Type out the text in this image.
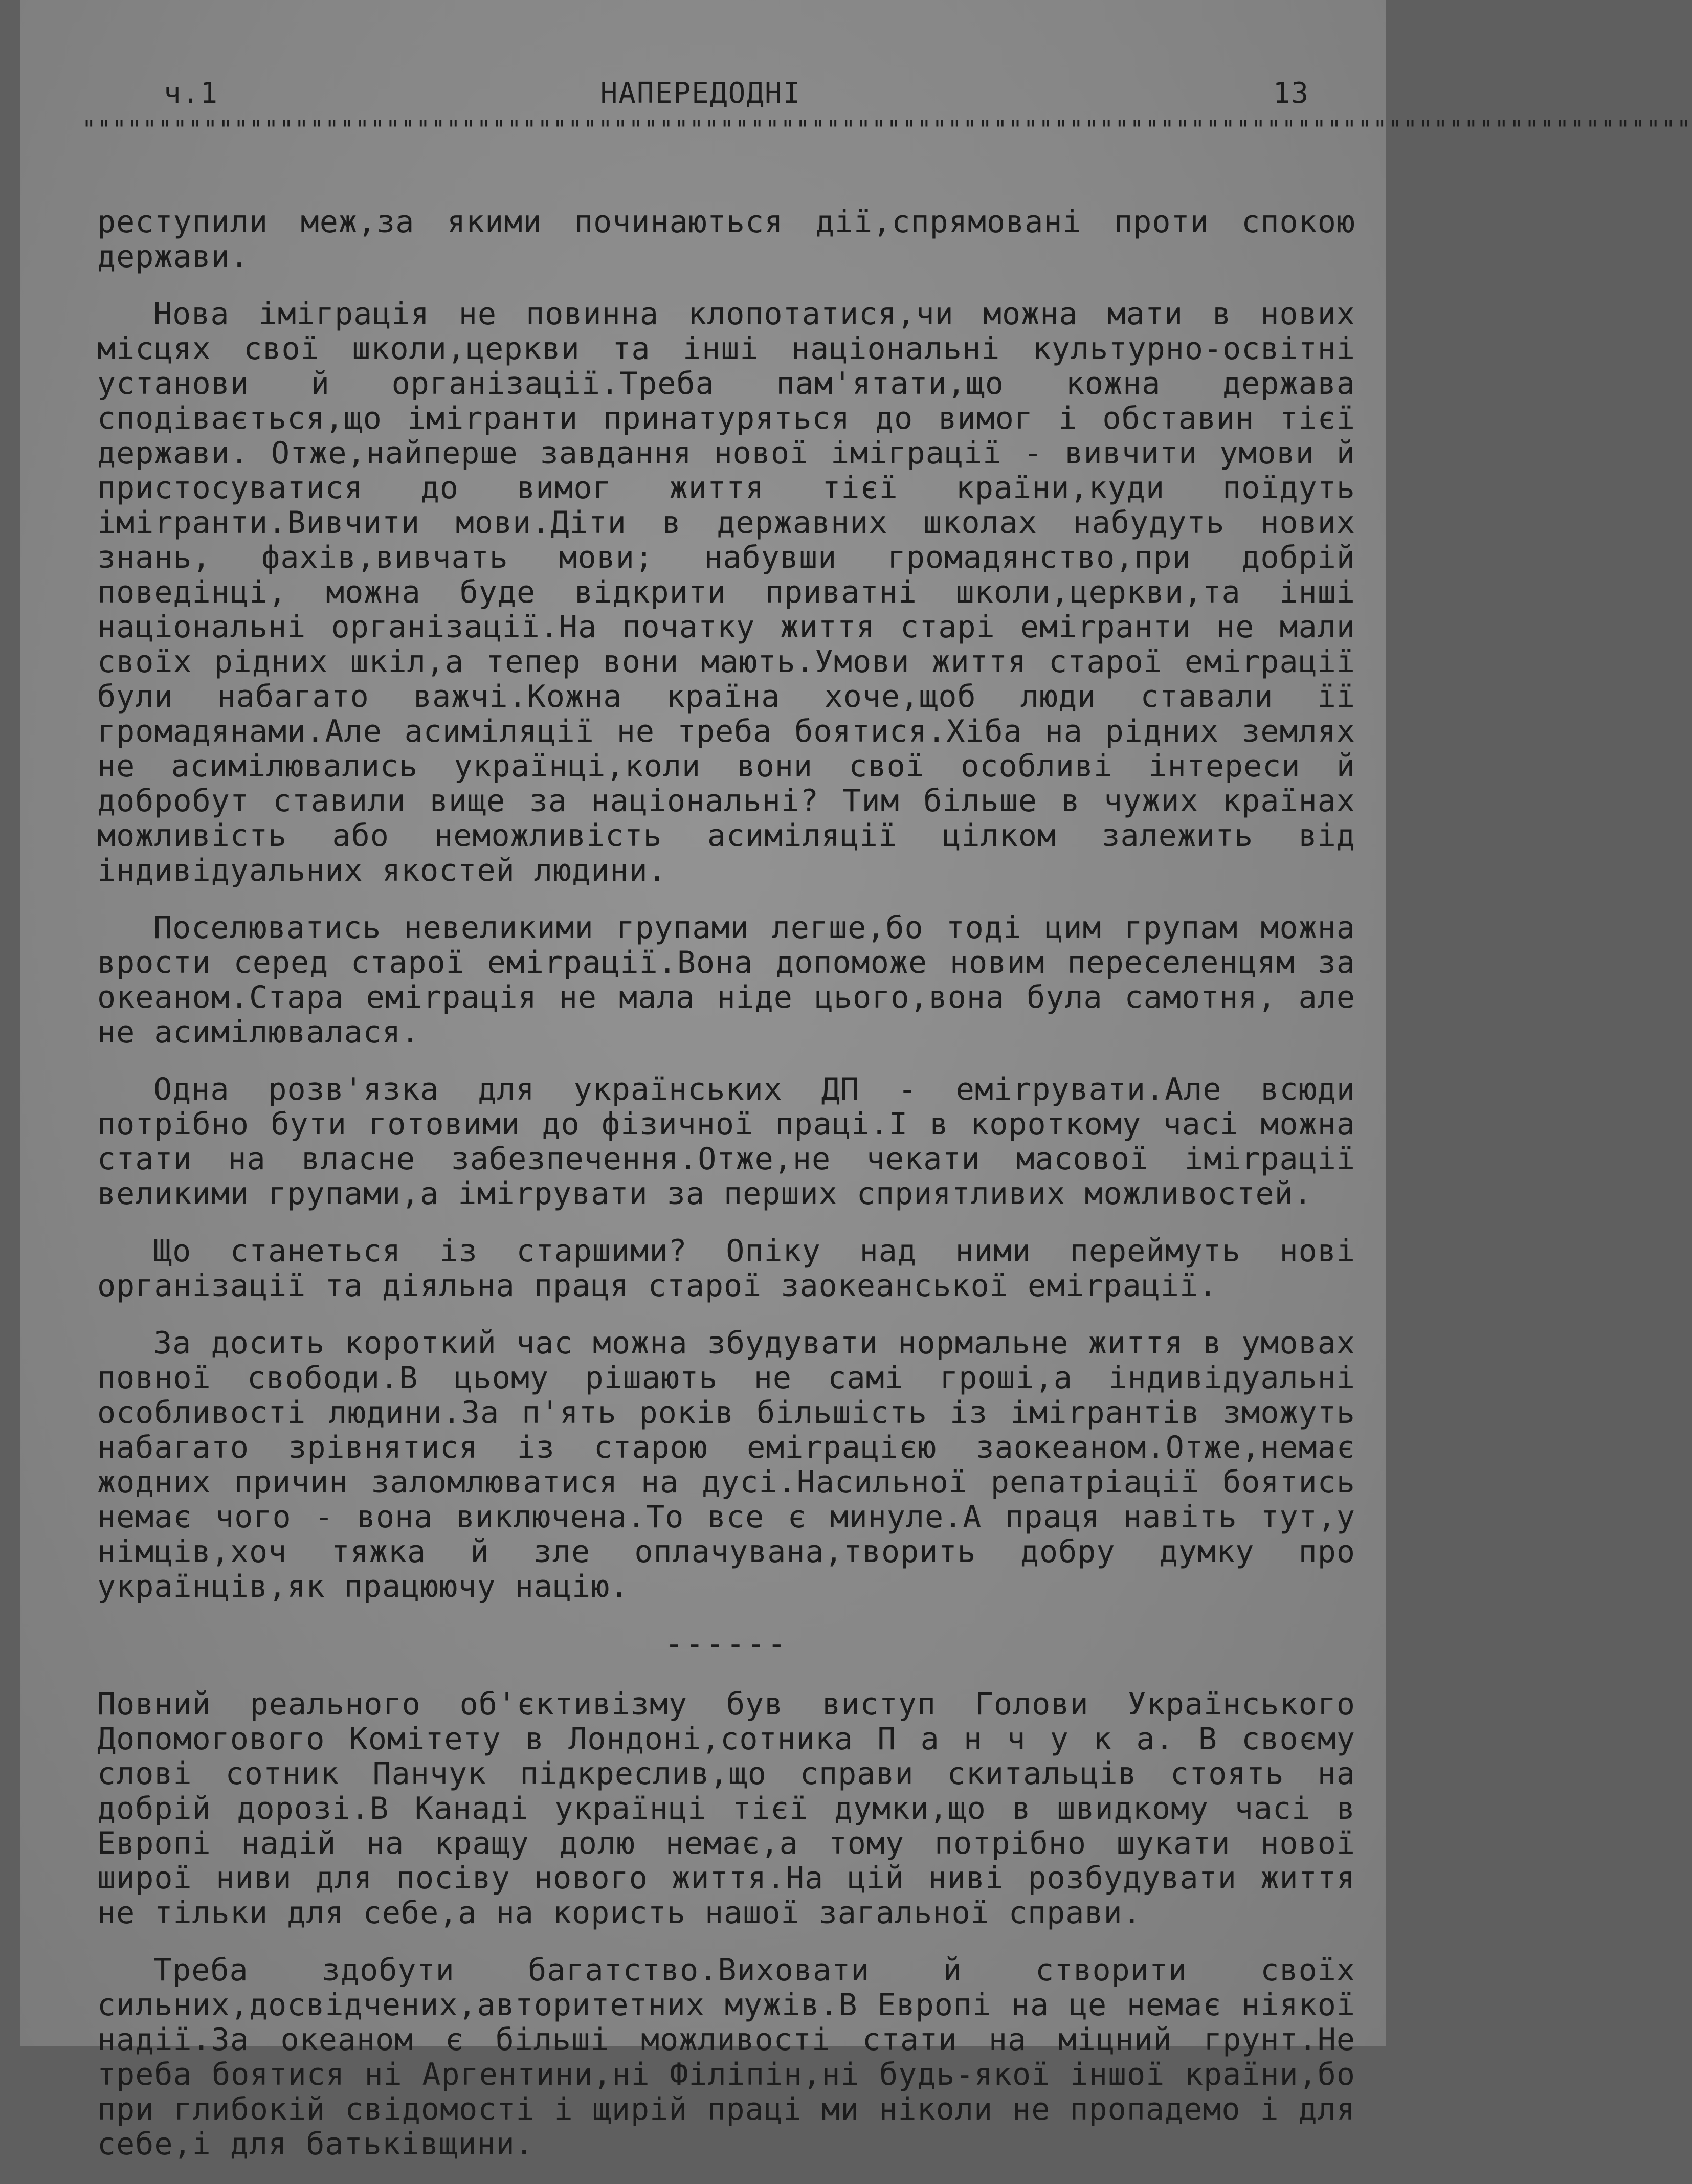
ч.1	НАПЕРЕДОДНІ	13
""""""""""""""""""""""""""""""""""""""""""""""""""""""""""""""""""""""""""""""""""""""""""""""""""""""""""

реступили меж,за якими починаються дії,спрямовані проти спокою держави.

Нова імігpація не повинна клопотатися,чи можна мати в нових місцях свої школи,церкви та інші національні культурно-освітні установи й організації.Треба пам'ятати,що кожна держава сподівається,що іміrранти принатуряться до вимог і обставин тієї держави. Отже,найперше завдання нової імігpації - вивчити умови й пристосуватися до вимог життя тієї країни,куди поїдуть іміrранти.Вивчити мови.Діти в державних школах набудуть нових знань, фахів,вивчать мови; набувши громадянство,при добрій поведінці, можна буде відкрити приватні школи,церкви,та інші національні організації.На початку життя старі еміrранти не мали своїх рідних шкіл,а тепер вони мають.Умови життя старої еміrрації були набагато важчі.Кожна країна хоче,щоб люди ставали її громадянами.Але асиміляції не треба боятися.Хіба на рідних землях не асимілювались українці,коли вони свої особливі інтереси й добробут ставили вище за національні? Тим більше в чужих країнах можливість або неможливість асиміляції цілком залежить від індивідуальних якостей людини.

Поселюватись невеликими групами легше,бо тоді цим групам можна врости серед старої еміrрації.Вона допоможе новим переселенцям за океаном.Стара еміrрація не мала ніде цього,вона була самотня, але не асимілювалася.

Одна розв'язка для українських ДП - еміrрувати.Але всюди потрібно бути готовими до фізичної праці.І в короткому часі можна стати на власне забезпечення.Отже,не чекати масової іміrрації великими групами,а іміrрувати за перших сприятливих можливостей.

Що станеться із старшими? Опіку над ними переймуть нові організації та діяльна праця старої заокеанської еміrрації.

За досить короткий час можна збудувати нормальне життя в умовах повної свободи.В цьому рішають не самі гроші,а індивідуальні особливості людини.За п'ять років більшість із іміrрантів зможуть набагато зрівнятися із старою еміrрацією заокеаном.Отже,немає жодних причин заломлюватися на дусі.Насильної репатріації боятись немає чого - вона виключена.То все є минуле.А праця навіть тут,у німців,хоч тяжка й зле оплачувана,творить добру думку про українців,як працюючу націю.

------

Повний реального об'єктивізму був виступ Голови Українського Допомогового Комітету в Лондоні,сотника П а н ч у к а. В своєму слові сотник Панчук підкреслив,що справи скитальців стоять на добрій дорозі.В Канаді українці тієї думки,що в швидкому часі в Европі надій на кращу долю немає,а тому потрібно шукати нової широї ниви для посіву нового життя.На цій ниві розбудувати життя не тільки для себе,а на користь нашої загальної справи.

Треба здобути багатство.Виховати й створити своїх сильних,досвідчених,авторитетних мужів.В Европі на це немає ніякої надії.За океаном є більші можливості стати на міцний грунт.Не треба боятися ні Аргентини,ні Філіпін,ні будь-якої іншої країни,бо при глибокій свідомості і щирій праці ми ніколи не пропадемо і для себе,і для батьківщини.
